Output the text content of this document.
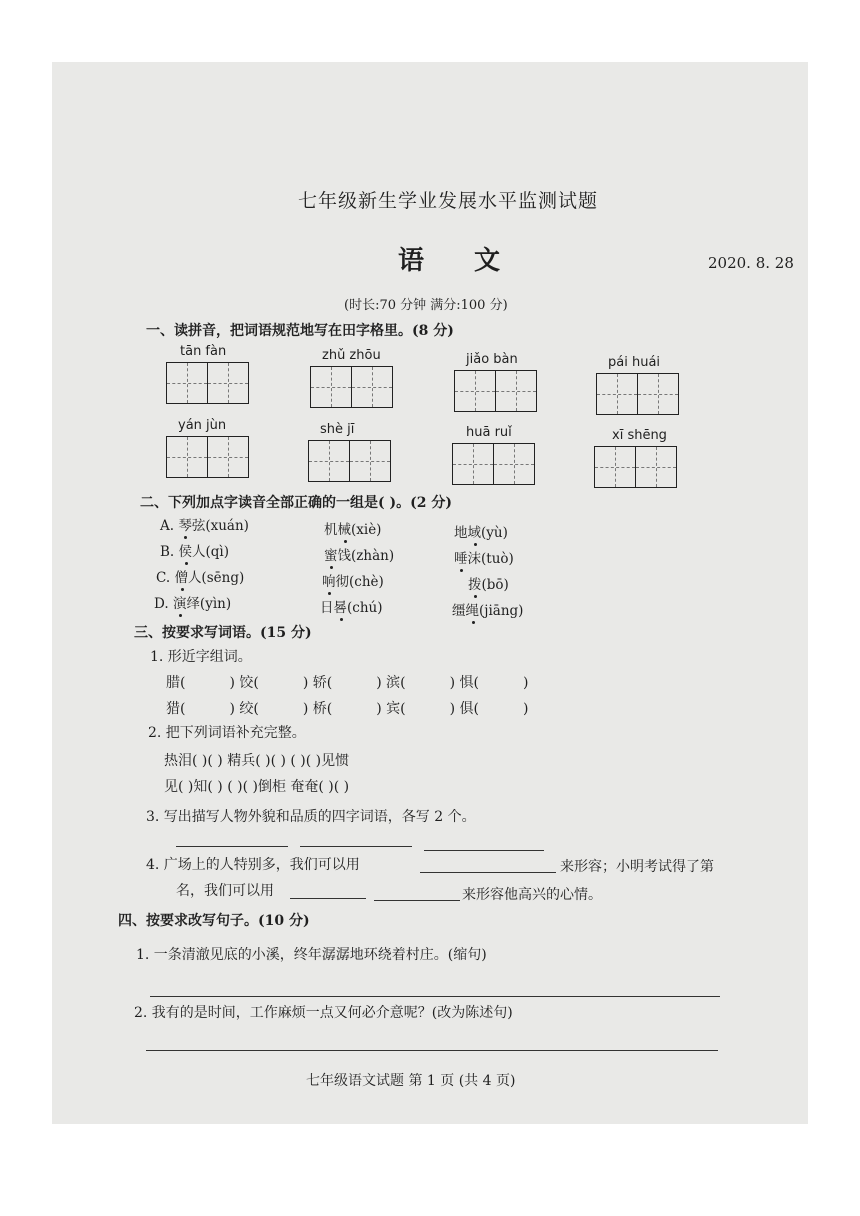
七年级新生学业发展水平监测试题
语 文	2020. 8. 28
(时长:70 分钟 满分:100 分)
一、读拼音，把词语规范地写在田字格里。(8 分)
tān fàn	zhǔ zhōu	jiǎo bàn	pái huái
yán jùn	shè jī	huā ruǐ	xī shēng
二、下列加点字读音全部正确的一组是( )。(2 分)
A. 琴弦(xuán)	机械(xiè)	地域(yù)
B. 侯人(qì)	蜜饯(zhàn)	唾沫(tuò)
C. 僧人(sēng)	响彻(chè)	拨(bō)
D. 演绎(yìn)	日晷(chú)	缰绳(jiāng)
三、按要求写词语。(15 分)
1. 形近字组词。
腊(	) 饺(	) 轿(	) 滨(	) 惧(	)
猎(	) 绞(	) 桥(	) 宾(	) 俱(	)
2. 把下列词语补充完整。
热泪( )( ) 精兵( )( ) ( )( )见惯
见( )知( ) ( )( )倒柜 奄奄( )( )
3. 写出描写人物外貌和品质的四字词语，各写 2 个。
4. 广场上的人特别多，我们可以用	来形容；小明考试得了第
名，我们可以用	来形容他高兴的心情。
四、按要求改写句子。(10 分)
1. 一条清澈见底的小溪，终年潺潺地环绕着村庄。(缩句)
2. 我有的是时间，工作麻烦一点又何必介意呢？(改为陈述句)
七年级语文试题 第 1 页 (共 4 页)
